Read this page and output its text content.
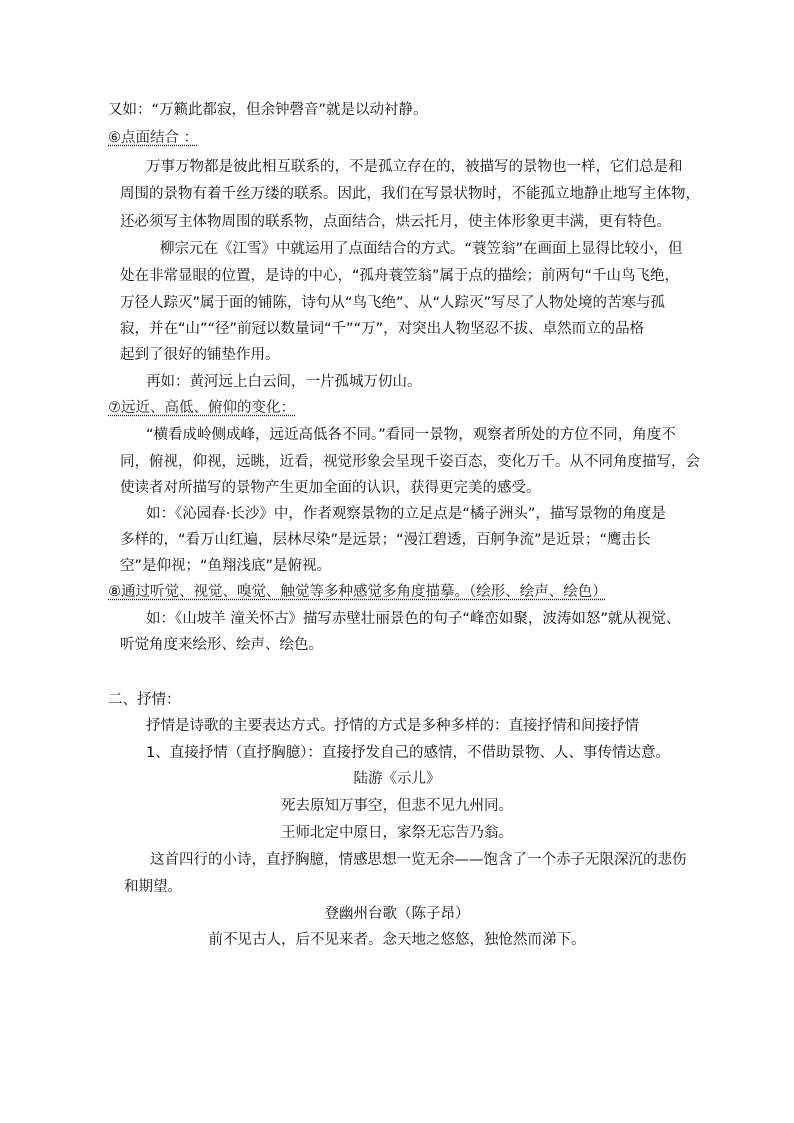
又如：“万籁此都寂，但余钟磬音”就是以动衬静。
⑥点面结合 ：
万事万物都是彼此相互联系的，不是孤立存在的，被描写的景物也一样，它们总是和
周围的景物有着千丝万缕的联系。因此，我们在写景状物时，不能孤立地静止地写主体物，
还必须写主体物周围的联系物，点面结合，烘云托月，使主体形象更丰满，更有特色。
柳宗元在《江雪》中就运用了点面结合的方式。“蓑笠翁”在画面上显得比较小，但
处在非常显眼的位置，是诗的中心，“孤舟蓑笠翁”属于点的描绘；前两句“千山鸟飞绝，
万径人踪灭”属于面的铺陈，诗句从“鸟飞绝”、从“人踪灭”写尽了人物处境的苦寒与孤
寂，并在“山”“径”前冠以数量词“千”“万”，对突出人物坚忍不拔、卓然而立的品格
起到了很好的铺垫作用。
再如：黄河远上白云间，一片孤城万仞山。
⑦远近、高低、俯仰的变化：
“横看成岭侧成峰，远近高低各不同。”看同一景物，观察者所处的方位不同，角度不
同，俯视，仰视，远眺，近看，视觉形象会呈现千姿百态，变化万千。从不同角度描写，会
使读者对所描写的景物产生更加全面的认识，获得更完美的感受。
如：《沁园春·长沙》中，作者观察景物的立足点是“橘子洲头”，描写景物的角度是
多样的，“看万山红遍，层林尽染”是远景；“漫江碧透，百舸争流”是近景；“鹰击长
空”是仰视；“鱼翔浅底”是俯视。
⑧通过听觉、视觉、嗅觉、触觉等多种感觉多角度描摹。（绘形、绘声、绘色）
如：《山坡羊 潼关怀古》描写赤壁壮丽景色的句子“峰峦如聚，波涛如怒”就从视觉、
听觉角度来绘形、绘声、绘色。
二、抒情：
抒情是诗歌的主要表达方式。抒情的方式是多种多样的：直接抒情和间接抒情
1、直接抒情（直抒胸臆）：直接抒发自己的感情，不借助景物、人、事传情达意。
陆游《示儿》
死去原知万事空，但悲不见九州同。
王师北定中原日，家祭无忘告乃翁。
这首四行的小诗，直抒胸臆，情感思想一览无余——饱含了一个赤子无限深沉的悲伤
和期望。
登幽州台歌（陈子昂）
前不见古人，后不见来者。念天地之悠悠，独怆然而涕下。
